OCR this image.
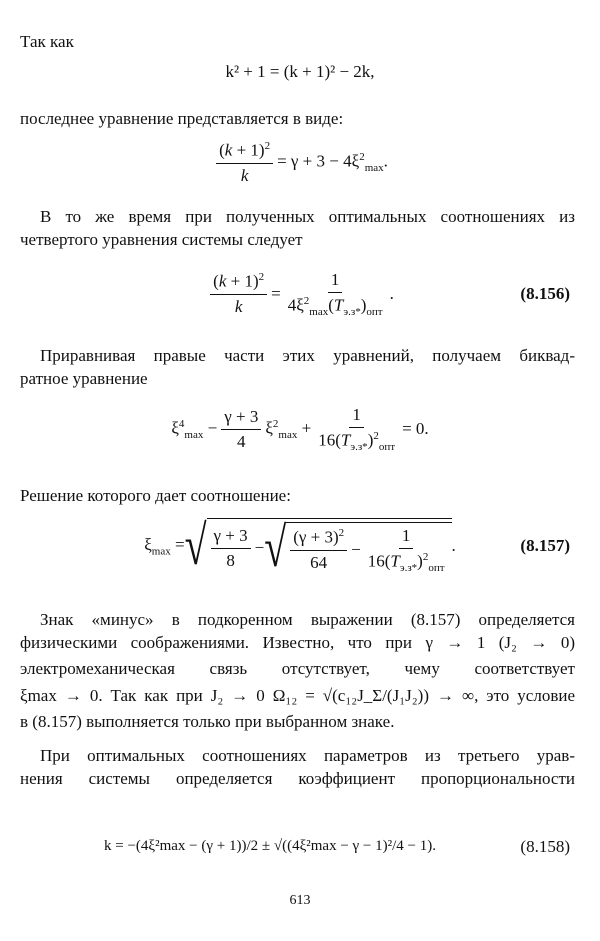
Так как
k² + 1 = (k + 1)² − 2k,
последнее уравнение представляется в виде:
$\frac{(k + 1)^2}{k} = \gamma + 3 - 4\xi^2_{max}$.
В то же время при полученных оптимальных соотношениях из
четвертого уравнения системы следует
$\frac{(k + 1)^2}{k} = \frac{1}{4\xi^2_{max}(T_{э.з*})_{опт}}$ .	(8.156)
Приравнивая правые части этих уравнений, получаем биквад-
ратное уравнение
$\xi^4_{max} - \frac{\gamma + 3}{4} \xi^2_{max} + \frac{1}{16(T_{э.з*})^2_{опт}} = 0$.
Решение которого дает соотношение:
$\xi_{max}$ = √ $\frac{\gamma + 3}{8}$ − √ $\frac{(\gamma + 3)^2}{64} - \frac{1}{16(T_{э.з*})^2_{опт}}$ .	(8.157)
Знак «минус» в подкоренном выражении (8.157) определяется
физическими соображениями. Известно, что при γ → 1 (J₂ → 0)
электромеханическая связь отсутствует, чему соответствует
ξmax → 0. Так как при J₂ → 0 Ω₁₂ = √(c₁₂J_Σ/(J₁J₂)) → ∞, это условие
в (8.157) выполняется только при выбранном знаке.
При оптимальных соотношениях параметров из третьего урав-
нения системы определяется коэффициент пропорциональности
k = −(4ξ²max − (γ + 1))/2 ± √((4ξ²max − γ − 1)²/4 − 1).	(8.158)
613
